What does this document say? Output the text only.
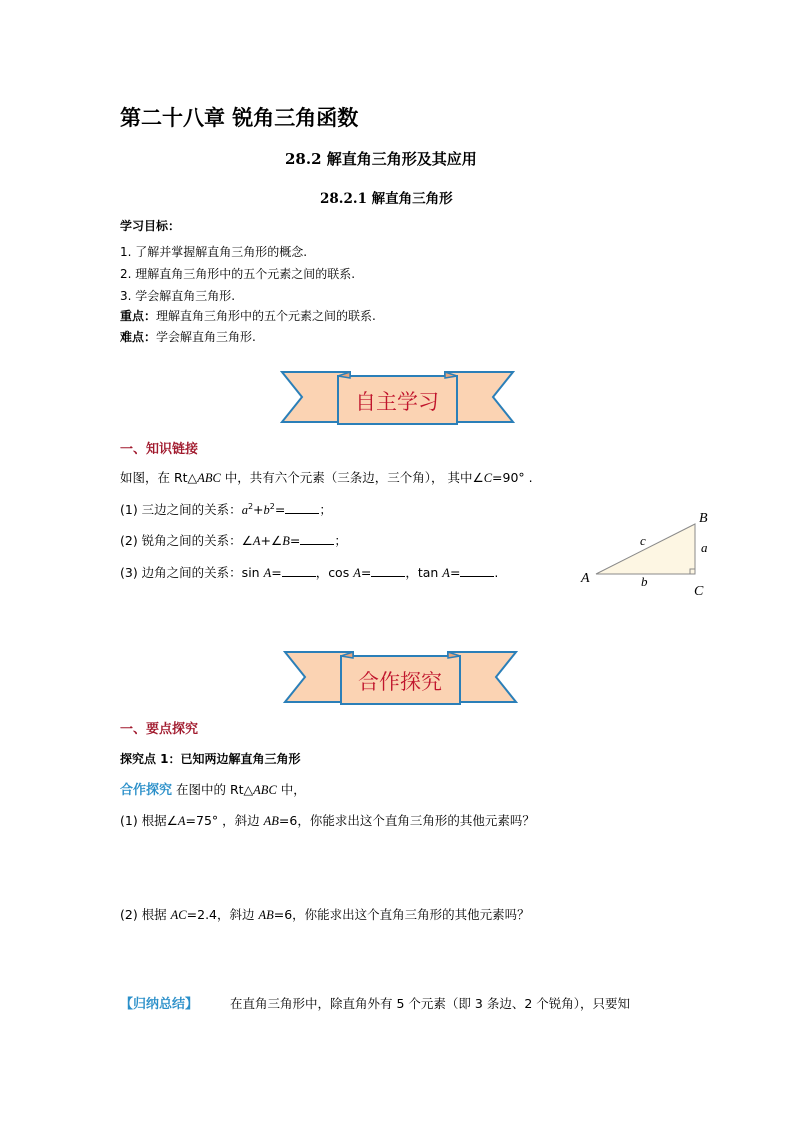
第二十八章 锐角三角函数
28.2 解直角三角形及其应用
28.2.1 解直角三角形
学习目标：
1. 了解并掌握解直角三角形的概念.
2. 理解直角三角形中的五个元素之间的联系.
3. 学会解直角三角形.
重点：理解直角三角形中的五个元素之间的联系.
难点：学会解直角三角形.
自主学习
一、知识链接
如图，在 Rt△ABC 中，共有六个元素（三条边，三个角）， 其中∠C=90° .
(1) 三边之间的关系：$a^2+b^2=$	；
(2) 锐角之间的关系：∠A+∠B=	；
(3) 边角之间的关系：sin A=	，cos A=	，tan A=	.	A
B
C
a
b
c
合作探究
一、要点探究
探究点 1：已知两边解直角三角形
合作探究 在图中的 Rt△ABC 中，
(1) 根据∠A=75° ，斜边 AB=6，你能求出这个直角三角形的其他元素吗？
(2) 根据 AC=2.4，斜边 AB=6，你能求出这个直角三角形的其他元素吗？
【归纳总结】	在直角三角形中，除直角外有 5 个元素（即 3 条边、2 个锐角），只要知
